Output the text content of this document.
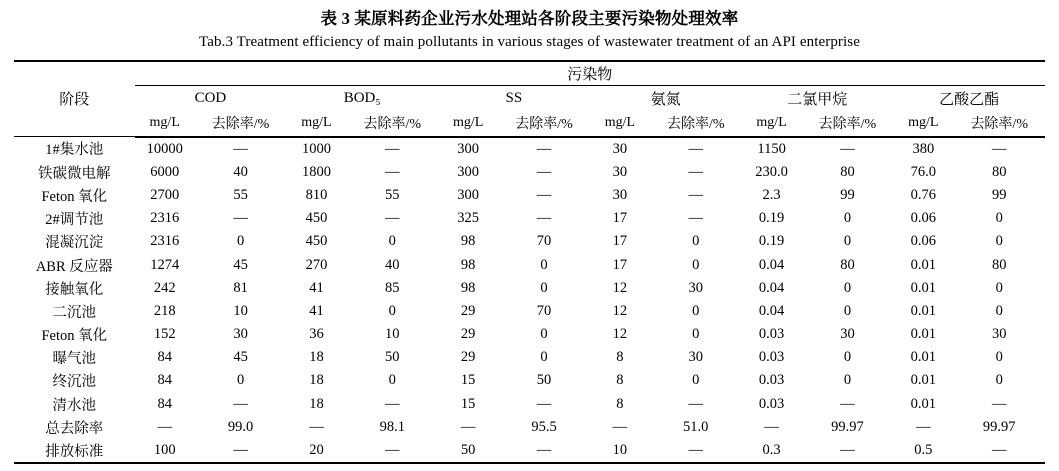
表 3 某原料药企业污水处理站各阶段主要污染物处理效率
Tab.3 Treatment efficiency of main pollutants in various stages of wastewater treatment of an API enterprise
阶段	污染物											
	COD		BOD₅		SS		氨氮		二氯甲烷		乙酸乙酯	
	mg/L	去除率/%	mg/L	去除率/%	mg/L	去除率/%	mg/L	去除率/%	mg/L	去除率/%	mg/L	去除率/%
1#集水池	10000	—	1000	—	300	—	30	—	1150	—	380	—
铁碳微电解	6000	40	1800	—	300	—	30	—	230.0	80	76.0	80
Feton 氧化	2700	55	810	55	300	—	30	—	2.3	99	0.76	99
2#调节池	2316	—	450	—	325	—	17	—	0.19	0	0.06	0
混凝沉淀	2316	0	450	0	98	70	17	0	0.19	0	0.06	0
ABR 反应器	1274	45	270	40	98	0	17	0	0.04	80	0.01	80
接触氧化	242	81	41	85	98	0	12	30	0.04	0	0.01	0
二沉池	218	10	41	0	29	70	12	0	0.04	0	0.01	0
Feton 氧化	152	30	36	10	29	0	12	0	0.03	30	0.01	30
曝气池	84	45	18	50	29	0	8	30	0.03	0	0.01	0
终沉池	84	0	18	0	15	50	8	0	0.03	0	0.01	0
清水池	84	—	18	—	15	—	8	—	0.03	—	0.01	—
总去除率	—	99.0	—	98.1	—	95.5	—	51.0	—	99.97	—	99.97
排放标准	100	—	20	—	50	—	10	—	0.3	—	0.5	—
